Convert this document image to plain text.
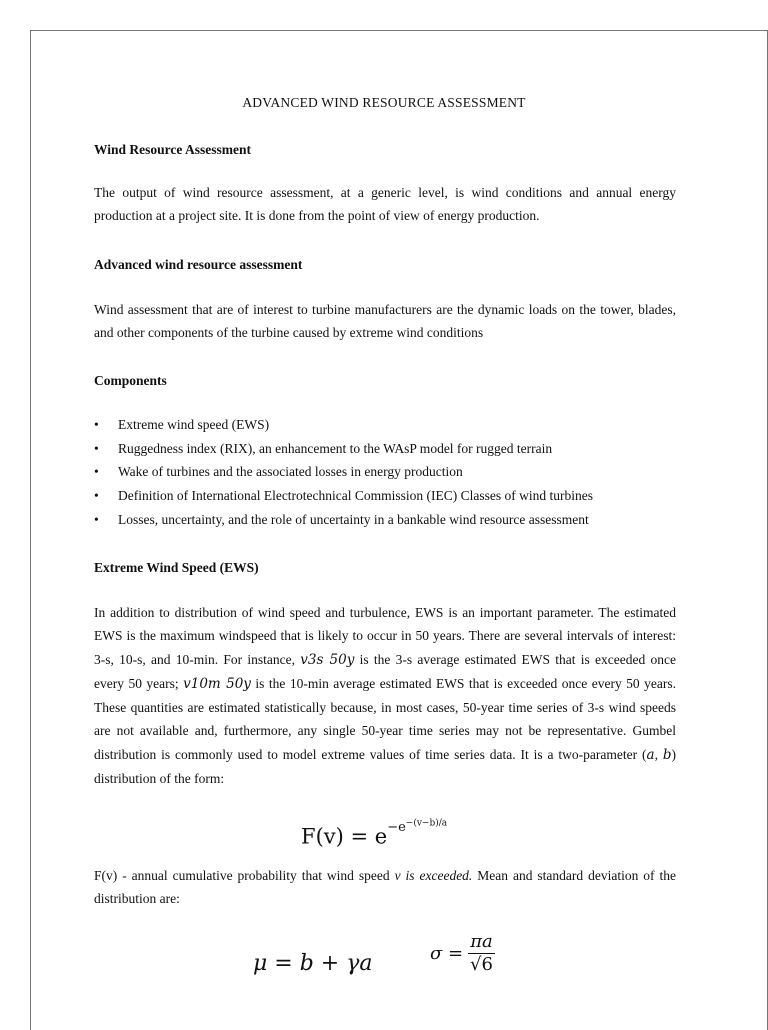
ADVANCED WIND RESOURCE ASSESSMENT
Wind Resource Assessment

The output of wind resource assessment, at a generic level, is wind conditions and annual energy production at a project site. It is done from the point of view of energy production.

Advanced wind resource assessment

Wind assessment that are of interest to turbine manufacturers are the dynamic loads on the tower, blades, and other components of the turbine caused by extreme wind conditions

Components
• Extreme wind speed (EWS)
• Ruggedness index (RIX), an enhancement to the WAsP model for rugged terrain
• Wake of turbines and the associated losses in energy production
• Definition of International Electrotechnical Commission (IEC) Classes of wind turbines
• Losses, uncertainty, and the role of uncertainty in a bankable wind resource assessment
Extreme Wind Speed (EWS)

In addition to distribution of wind speed and turbulence, EWS is an important parameter. The estimated EWS is the maximum windspeed that is likely to occur in 50 years. There are several intervals of interest: 3-s, 10-s, and 10-min. For instance, v3s 50y is the 3-s average estimated EWS that is exceeded once every 50 years; v10m 50y is the 10-min average estimated EWS that is exceeded once every 50 years. These quantities are estimated statistically because, in most cases, 50-year time series of 3-s wind speeds are not available and, furthermore, any single 50-year time series may not be representative. Gumbel distribution is commonly used to model extreme values of time series data. It is a two-parameter (a, b) distribution of the form:

$F(v) = e^{-e^{-(v-b)/a}}$

F(v) - annual cumulative probability that wind speed v is exceeded. Mean and standard deviation of the distribution are:

μ = b + γa	$\sigma = \frac{\pi a}{√6}$
